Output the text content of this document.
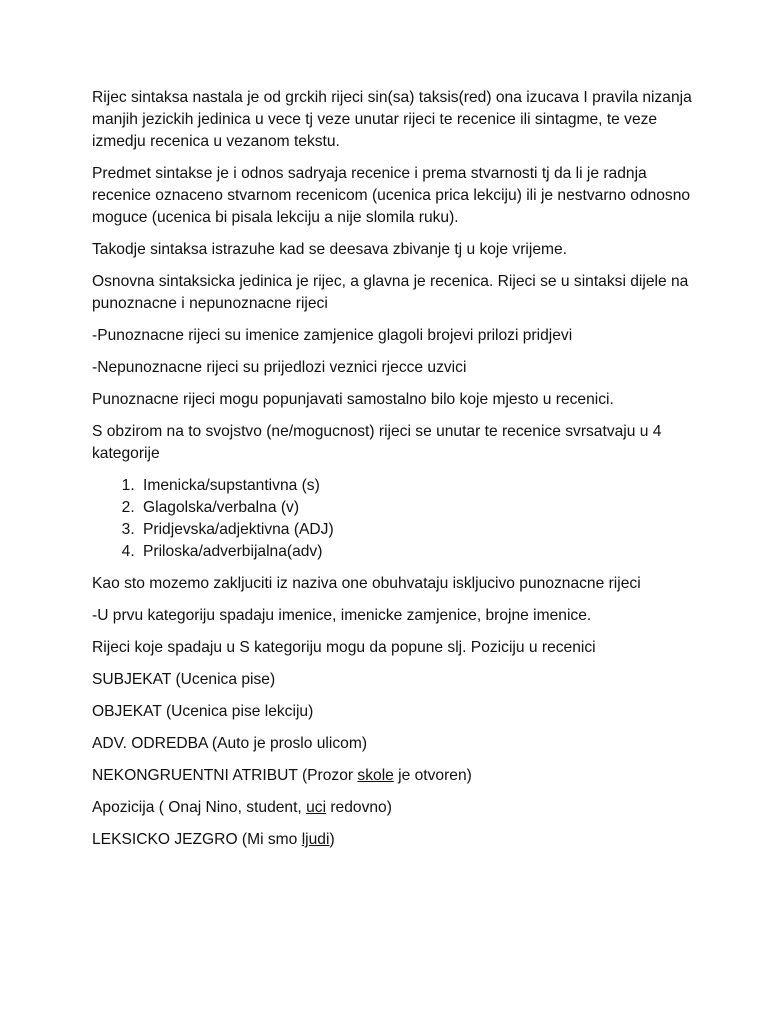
Rijec sintaksa nastala je od grckih rijeci sin(sa) taksis(red) ona izucava I pravila nizanja manjih jezickih jedinica u vece tj veze unutar rijeci te recenice ili sintagme, te veze izmedju recenica u vezanom tekstu.

Predmet sintakse je i odnos sadryaja recenice i prema stvarnosti tj da li je radnja recenice oznaceno stvarnom recenicom (ucenica prica lekciju) ili je nestvarno odnosno moguce (ucenica bi pisala lekciju a nije slomila ruku).

Takodje sintaksa istrazuhe kad se deesava zbivanje tj u koje vrijeme.

Osnovna sintaksicka jedinica je rijec, a glavna je recenica. Rijeci se u sintaksi dijele na punoznacne i nepunoznacne rijeci

-Punoznacne rijeci su imenice zamjenice glagoli brojevi prilozi pridjevi

-Nepunoznacne rijeci su prijedlozi veznici rjecce uzvici

Punoznacne rijeci mogu popunjavati samostalno bilo koje mjesto u recenici.

S obzirom na to svojstvo (ne/mogucnost) rijeci se unutar te recenice svrsatvaju u 4 kategorije

1. Imenicka/supstantivna (s)
2. Glagolska/verbalna (v)
3. Pridjevska/adjektivna (ADJ)
4. Priloska/adverbijalna(adv)

Kao sto mozemo zakljuciti iz naziva one obuhvataju iskljucivo punoznacne rijeci

-U prvu kategoriju spadaju imenice, imenicke zamjenice, brojne imenice.

Rijeci koje spadaju u S kategoriju mogu da popune slj. Poziciju u recenici

SUBJEKAT (Ucenica pise)

OBJEKAT (Ucenica pise lekciju)

ADV. ODREDBA (Auto je proslo ulicom)

NEKONGRUENTNI ATRIBUT (Prozor skole je otvoren)

Apozicija ( Onaj Nino, student, uci redovno)

LEKSICKO JEZGRO (Mi smo ljudi)
